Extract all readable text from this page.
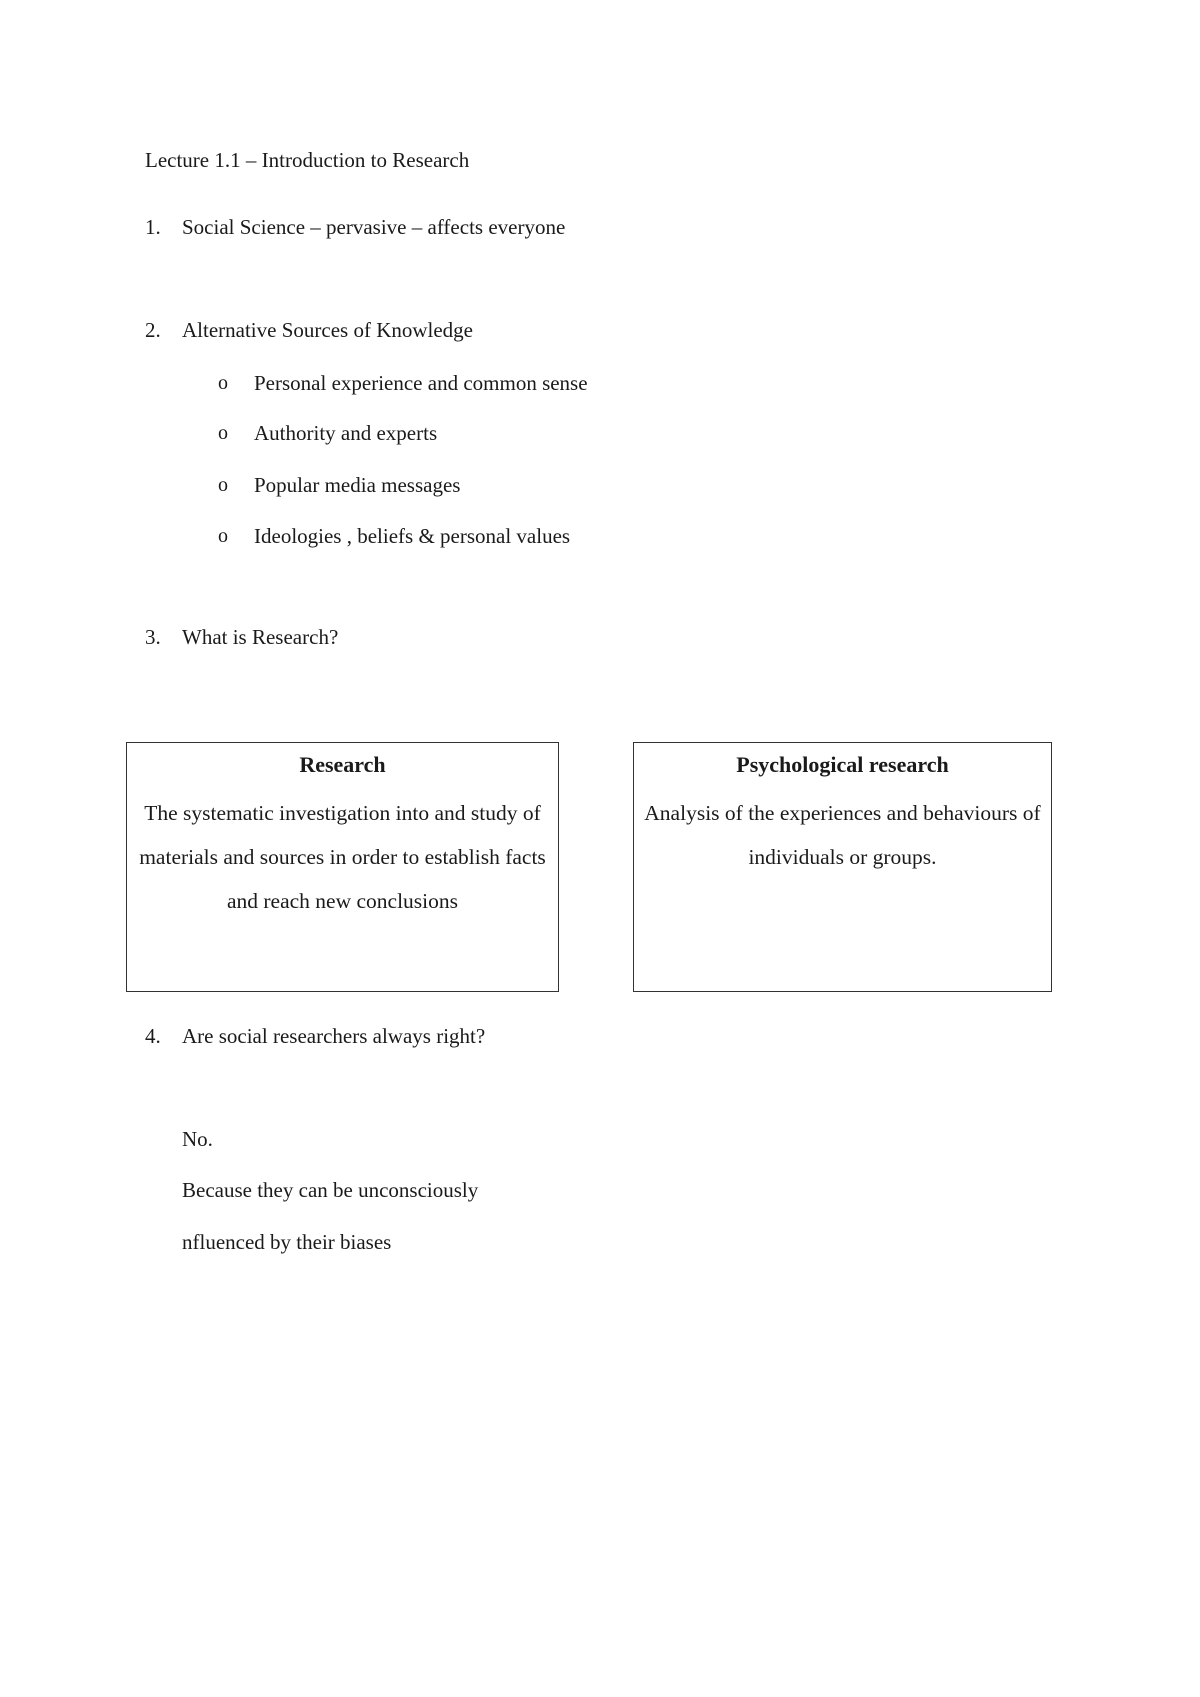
Lecture 1.1 – Introduction to Research
1. Social Science – pervasive – affects everyone
2. Alternative Sources of Knowledge
o Personal experience and common sense
o Authority and experts
o Popular media messages
o Ideologies , beliefs & personal values
3. What is Research?
Research
The systematic investigation into and study of materials and sources in order to establish facts and reach new conclusions
Psychological research
Analysis of the experiences and behaviours of individuals or groups.
4. Are social researchers always right?
No.
Because they can be unconsciously
nfluenced by their biases
